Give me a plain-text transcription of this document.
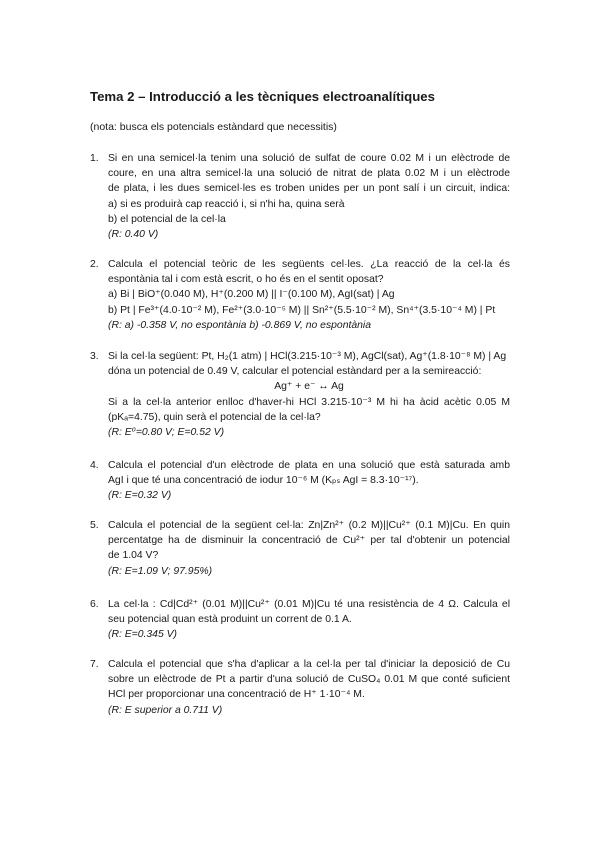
Tema 2 – Introducció a les tècniques electroanalítiques

(nota: busca els potencials estàndard que necessitis)

1. Si en una semicel·la tenim una solució de sulfat de coure 0.02 M i un elèctrode de
coure, en una altra semicel·la una solució de nitrat de plata 0.02 M i un elèctrode
de plata, i les dues semicel·les es troben unides per un pont salí i un circuit, indica:
a) si es produirà cap reacció i, si n'hi ha, quina serà
b) el potencial de la cel·la
(R: 0.40 V)
2. Calcula el potencial teòric de les següents cel·les. ¿La reacció de la cel·la és
espontània tal i com està escrit, o ho és en el sentit oposat?
a) Bi | BiO⁺(0.040 M), H⁺(0.200 M) || I⁻(0.100 M), AgI(sat) | Ag
b) Pt | Fe³⁺(4.0·10⁻² M), Fe²⁺(3.0·10⁻⁵ M) || Sn²⁺(5.5·10⁻² M), Sn⁴⁺(3.5·10⁻⁴ M) | Pt
(R: a) -0.358 V, no espontània b) -0.869 V, no espontània
3. Si la cel·la següent: Pt, H₂(1 atm) | HCl(3.215·10⁻³ M), AgCl(sat), Ag⁺(1.8·10⁻⁸ M) | Ag
dóna un potencial de 0.49 V, calcular el potencial estàndard per a la semireacció:
Ag⁺ + e⁻ ↔ Ag
Si a la cel·la anterior enlloc d'haver-hi HCl 3.215·10⁻³ M hi ha àcid acètic 0.05 M
(pKₐ=4.75), quin serà el potencial de la cel·la?
(R: E⁰=0.80 V; E=0.52 V)
4. Calcula el potencial d'un elèctrode de plata en una solució que està saturada amb
AgI i que té una concentració de iodur 10⁻⁶ M (Kₚₛ AgI = 8.3·10⁻¹⁷).
(R: E=0.32 V)
5. Calcula el potencial de la següent cel·la: Zn|Zn²⁺ (0.2 M)||Cu²⁺ (0.1 M)|Cu. En quin
percentatge ha de disminuir la concentració de Cu²⁺ per tal d'obtenir un potencial
de 1.04 V?
(R: E=1.09 V; 97.95%)
6. La cel·la : Cd|Cd²⁺ (0.01 M)||Cu²⁺ (0.01 M)|Cu té una resistència de 4 Ω. Calcula el
seu potencial quan està produint un corrent de 0.1 A.
(R: E=0.345 V)
7. Calcula el potencial que s'ha d'aplicar a la cel·la per tal d'iniciar la deposició de Cu
sobre un elèctrode de Pt a partir d'una solució de CuSO₄ 0.01 M que conté suficient
HCl per proporcionar una concentració de H⁺ 1·10⁻⁴ M.
(R: E superior a 0.711 V)
